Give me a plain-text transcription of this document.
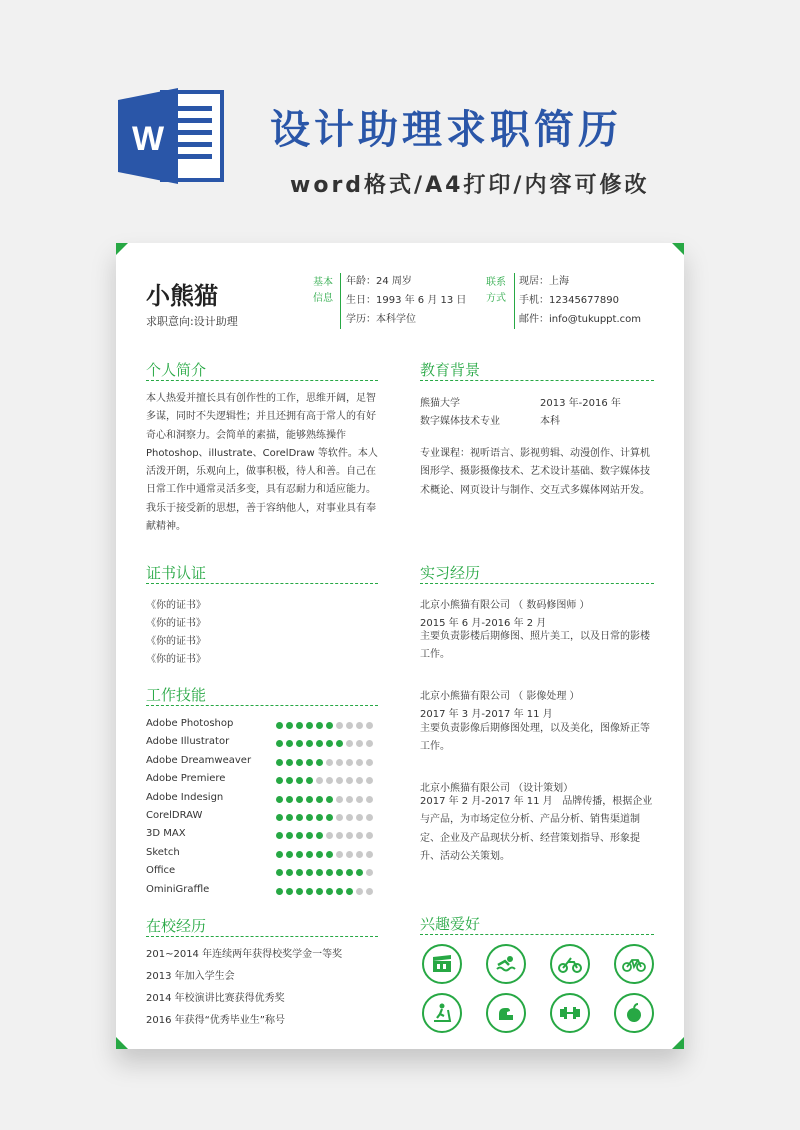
W	设计助理求职简历
word格式/A4打印/内容可修改
小熊猫
求职意向:设计助理
基本
信息
年龄：24 周岁
生日：1993 年 6 月 13 日
学历：本科学位
联系
方式
现居：上海
手机：12345677890
邮件：info@tukuppt.com
个人简介
本人热爱并擅长具有创作性的工作，思维开阔，足智多谋，同时不失逻辑性；并且还拥有高于常人的有好奇心和洞察力。会简单的素描，能够熟练操作Photoshop、illustrate、CorelDraw 等软件。本人活泼开朗，乐观向上，做事积极，待人和善。自己在日常工作中通常灵活多变，具有忍耐力和适应能力。我乐于接受新的思想，善于容纳他人，对事业具有奉献精神。
教育背景
熊猫大学	2013 年-2016 年
数字媒体技术专业	本科
专业课程：视听语言、影视剪辑、动漫创作、计算机图形学、摄影摄像技术、艺术设计基础、数字媒体技术概论、网页设计与制作、交互式多媒体网站开发。
证书认证
《你的证书》
《你的证书》
《你的证书》
《你的证书》
实习经历
北京小熊猫有限公司 （ 数码修图师 ）
2015 年 6 月-2016 年 2 月
主要负责影楼后期修图、照片美工，以及日常的影楼工作。
北京小熊猫有限公司 （ 影像处理 ）
2017 年 3 月-2017 年 11 月
主要负责影像后期修图处理，以及美化，图像矫正等工作。
北京小熊猫有限公司 （设计策划）
2017 年 2 月-2017 年 11 月 品牌传播，根据企业与产品，为市场定位分析、产品分析、销售渠道制定、企业及产品现状分析、经营策划指导、形象提升、活动公关策划。
工作技能
Adobe Photoshop
Adobe Illustrator
Adobe Dreamweaver
Adobe Premiere
Adobe Indesign
CorelDRAW
3D MAX
Sketch
Office
OminiGraffle
在校经历
201~2014 年连续两年获得校奖学金一等奖
2013 年加入学生会
2014 年校演讲比赛获得优秀奖
2016 年获得“优秀毕业生”称号
兴趣爱好
